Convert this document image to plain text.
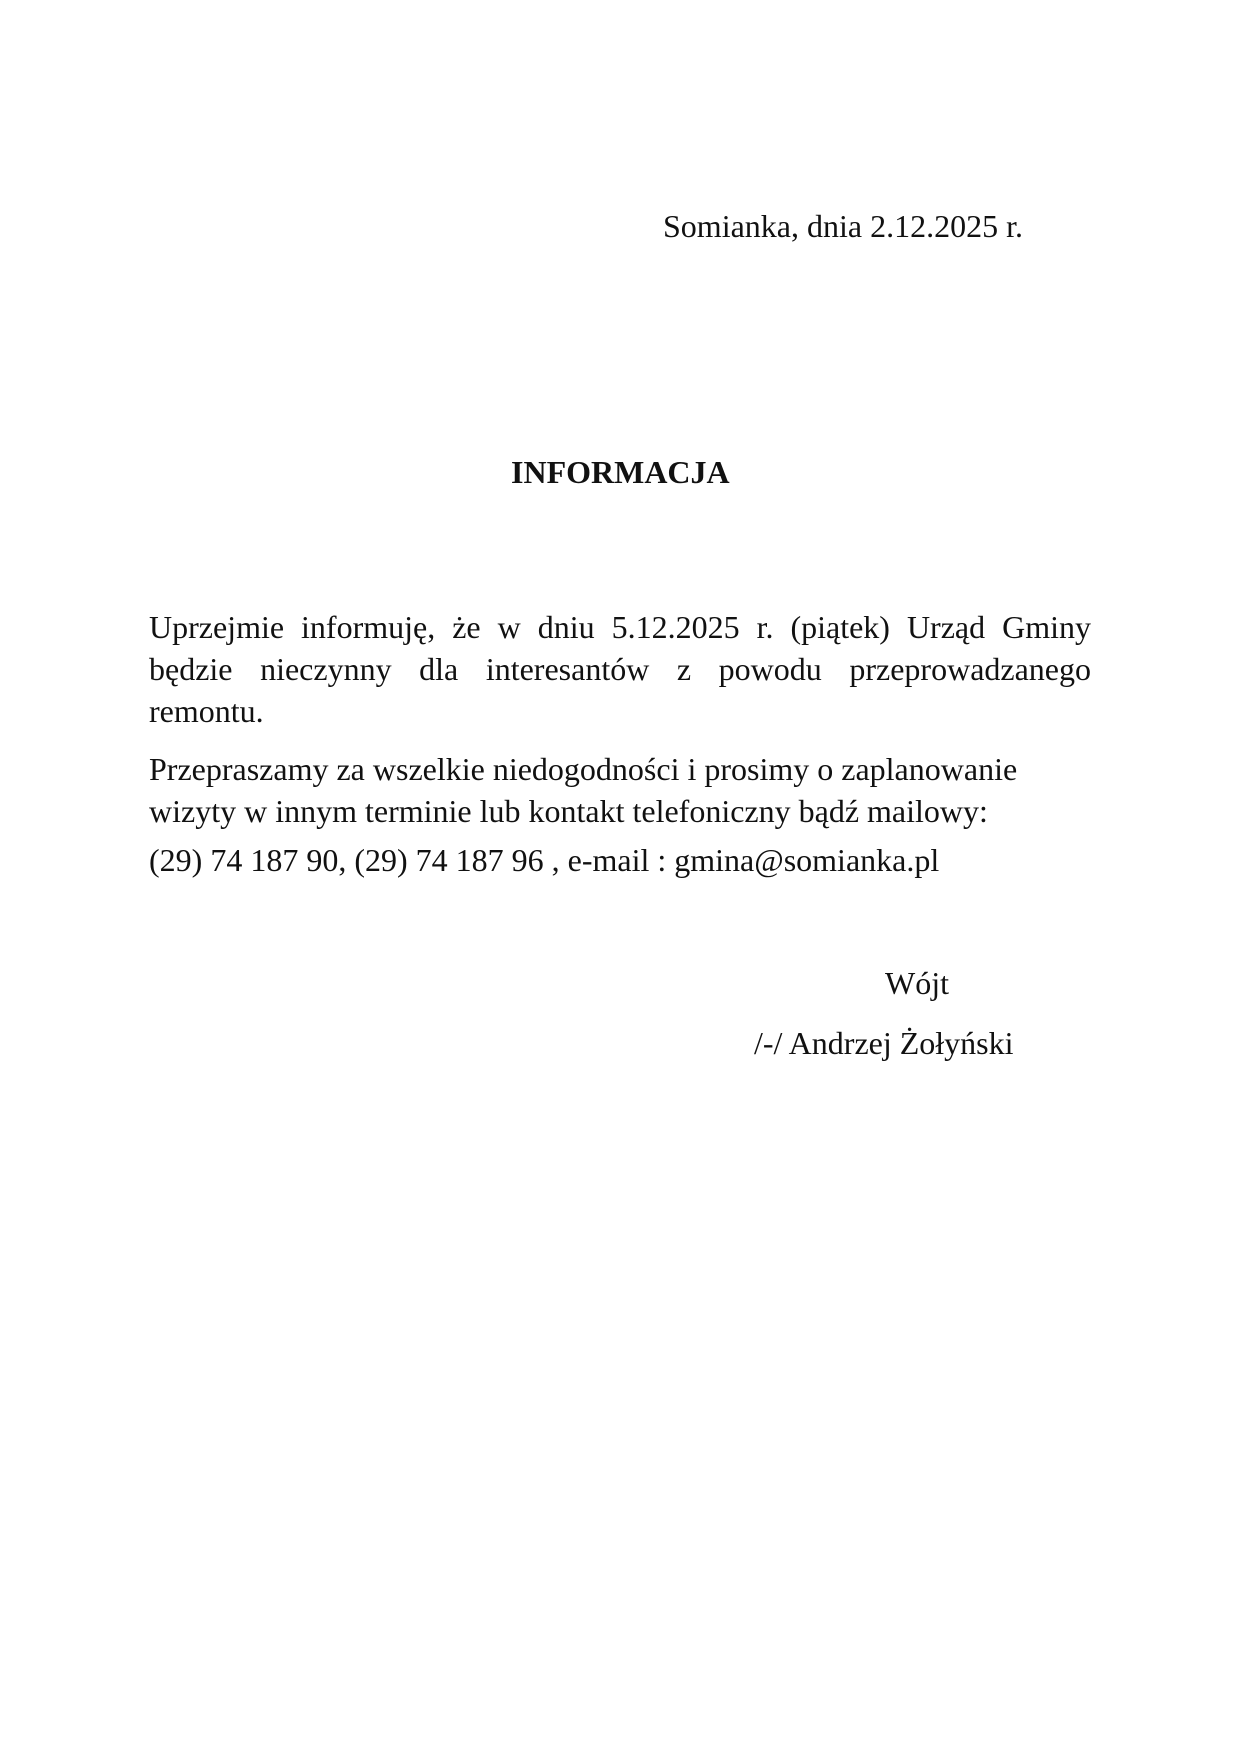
Somianka, dnia 2.12.2025 r.
INFORMACJA
Uprzejmie informuję, że w dniu 5.12.2025 r. (piątek) Urząd Gminy
będzie nieczynny dla interesantów z powodu przeprowadzanego
remontu.
Przepraszamy za wszelkie niedogodności i prosimy o zaplanowanie
wizyty w innym terminie lub kontakt telefoniczny bądź mailowy:
(29) 74 187 90, (29) 74 187 96 , e-mail : gmina@somianka.pl
Wójt
/-/ Andrzej Żołyński
